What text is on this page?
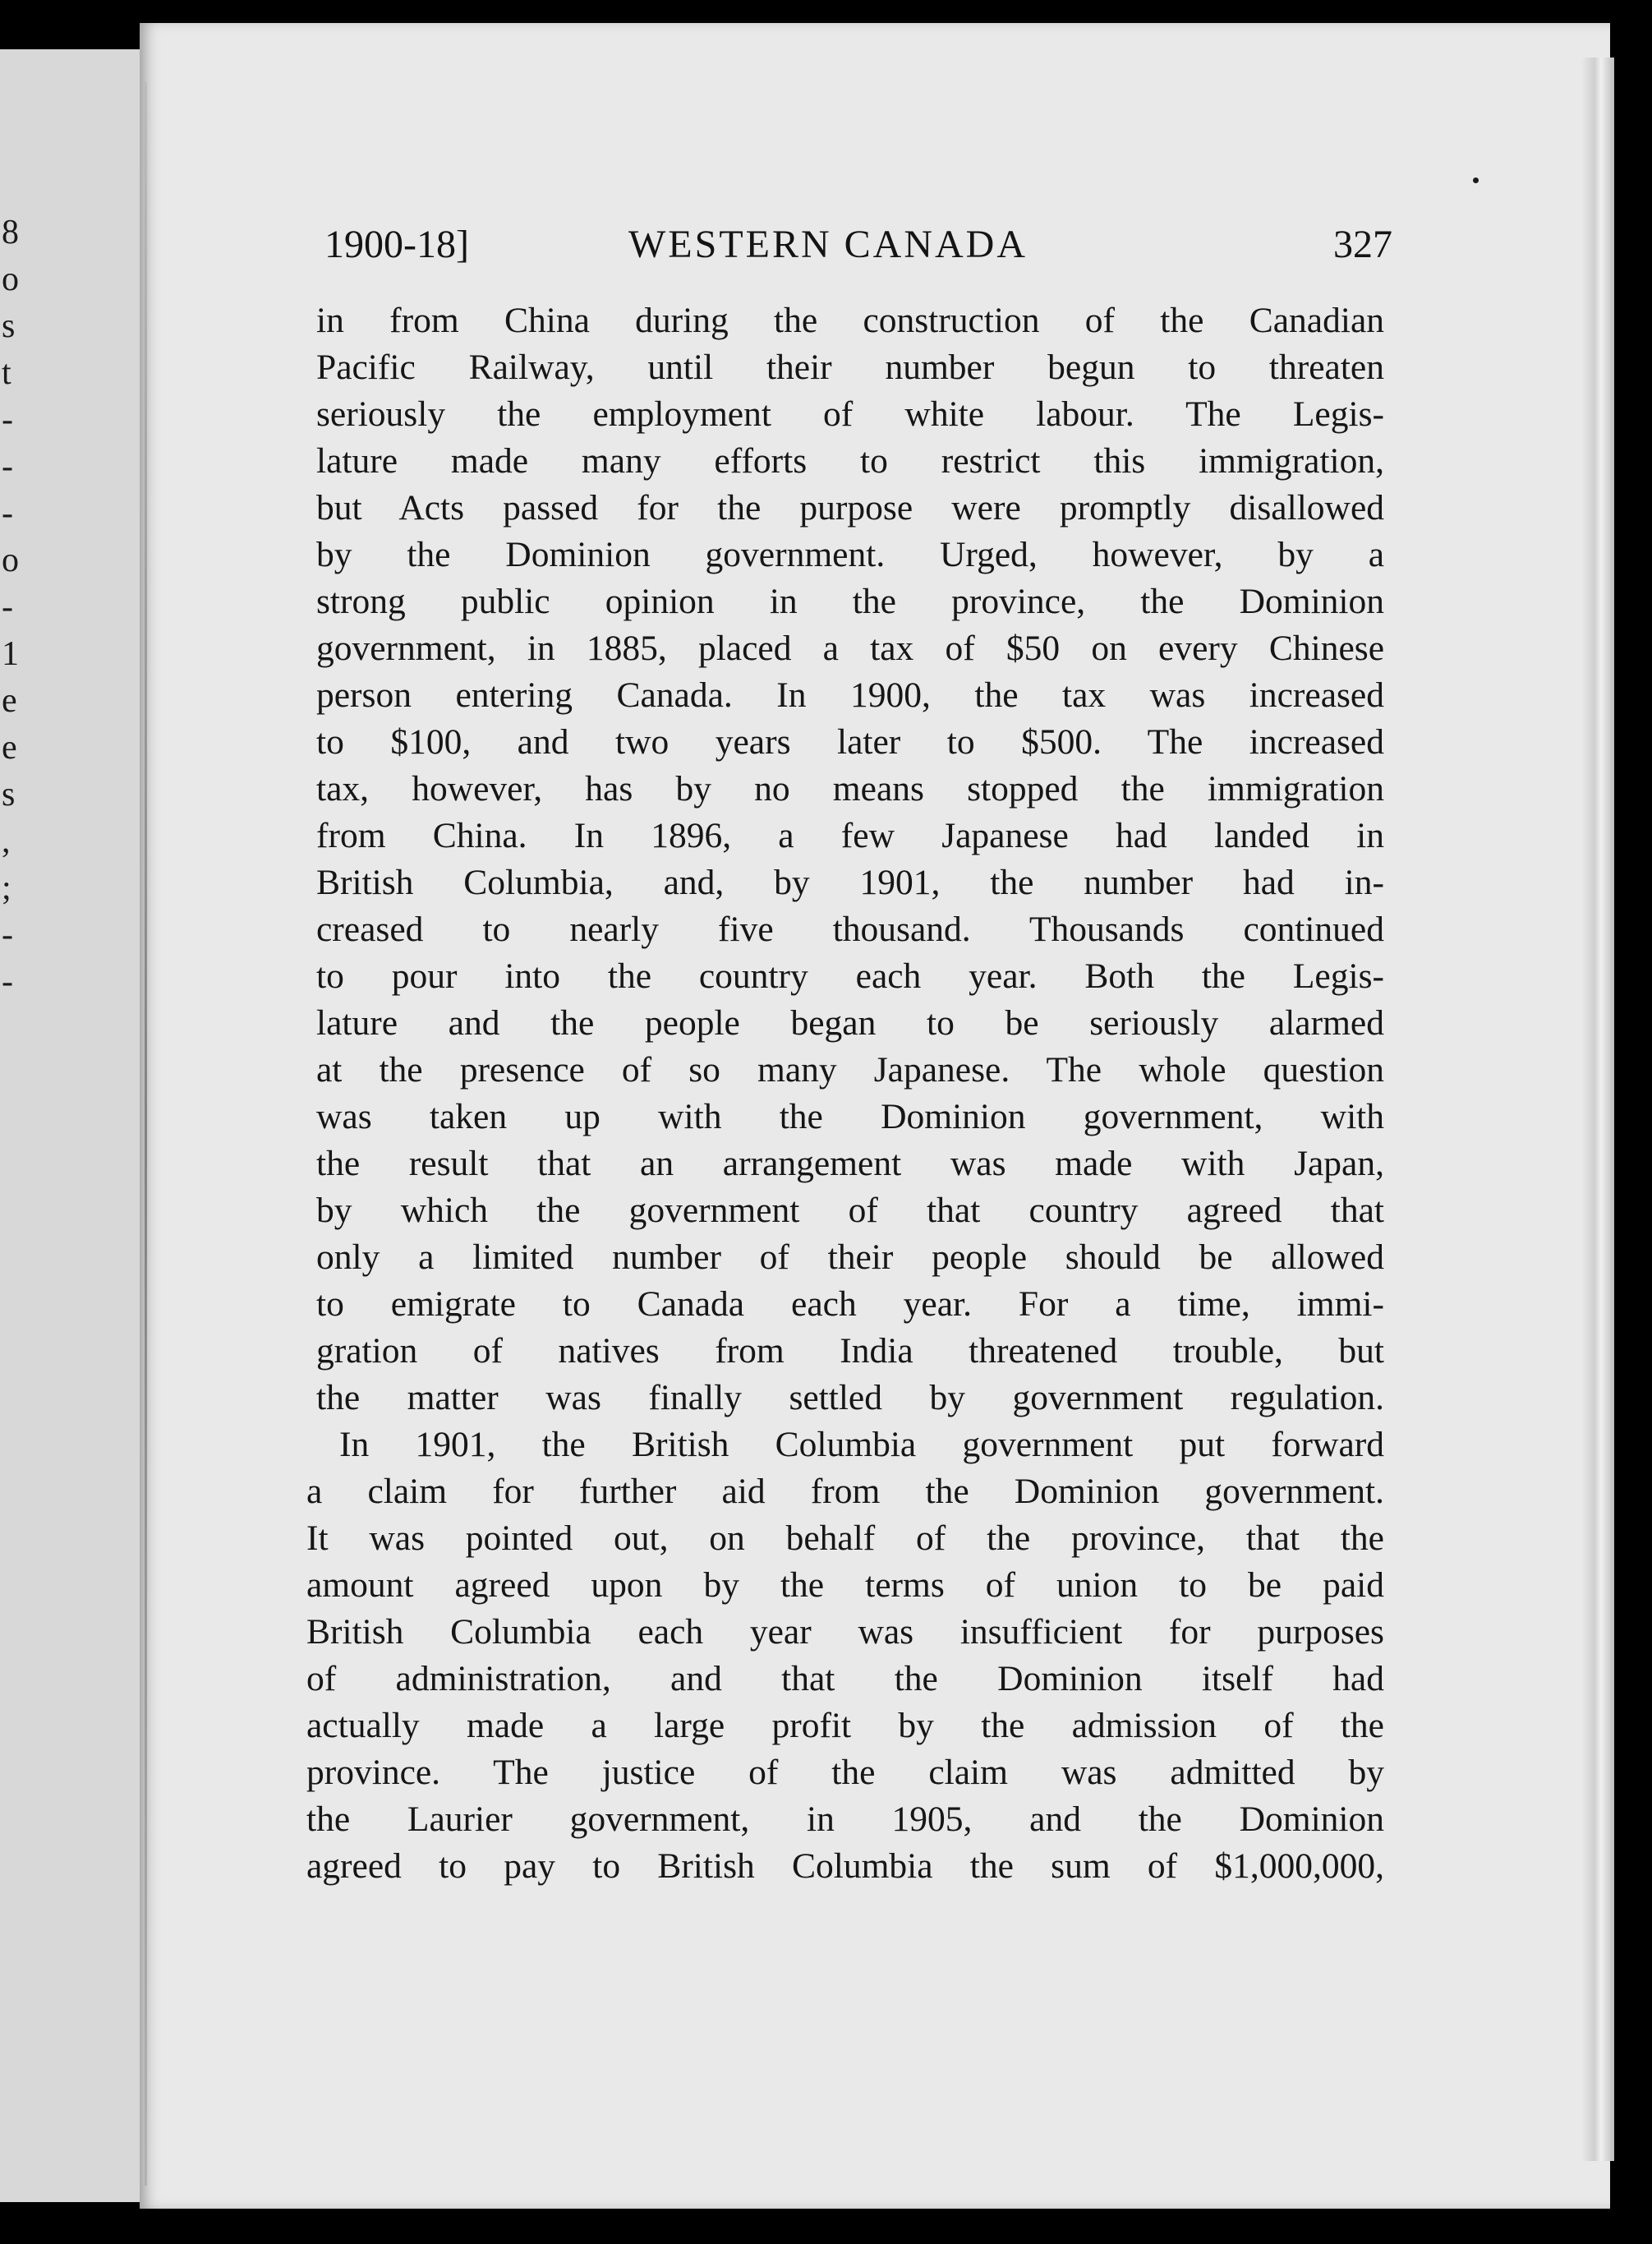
8
o
s
t
-
-
-
o
-
1
e
e
s
,
;
-
-
1900-18]	WESTERN CANADA	327
in from China during the construction of the Canadian
Pacific Railway, until their number begun to threaten
seriously the employment of white labour. The Legis-
lature made many efforts to restrict this immigration,
but Acts passed for the purpose were promptly disallowed
by the Dominion government. Urged, however, by a
strong public opinion in the province, the Dominion
government, in 1885, placed a tax of $50 on every Chinese
person entering Canada. In 1900, the tax was increased
to $100, and two years later to $500. The increased
tax, however, has by no means stopped the immigration
from China. In 1896, a few Japanese had landed in
British Columbia, and, by 1901, the number had in-
creased to nearly five thousand. Thousands continued
to pour into the country each year. Both the Legis-
lature and the people began to be seriously alarmed
at the presence of so many Japanese. The whole question
was taken up with the Dominion government, with
the result that an arrangement was made with Japan,
by which the government of that country agreed that
only a limited number of their people should be allowed
to emigrate to Canada each year. For a time, immi-
gration of natives from India threatened trouble, but
the matter was finally settled by government regulation.
In 1901, the British Columbia government put forward
a claim for further aid from the Dominion government.
It was pointed out, on behalf of the province, that the
amount agreed upon by the terms of union to be paid
British Columbia each year was insufficient for purposes
of administration, and that the Dominion itself had
actually made a large profit by the admission of the
province. The justice of the claim was admitted by
the Laurier government, in 1905, and the Dominion
agreed to pay to British Columbia the sum of $1,000,000,
